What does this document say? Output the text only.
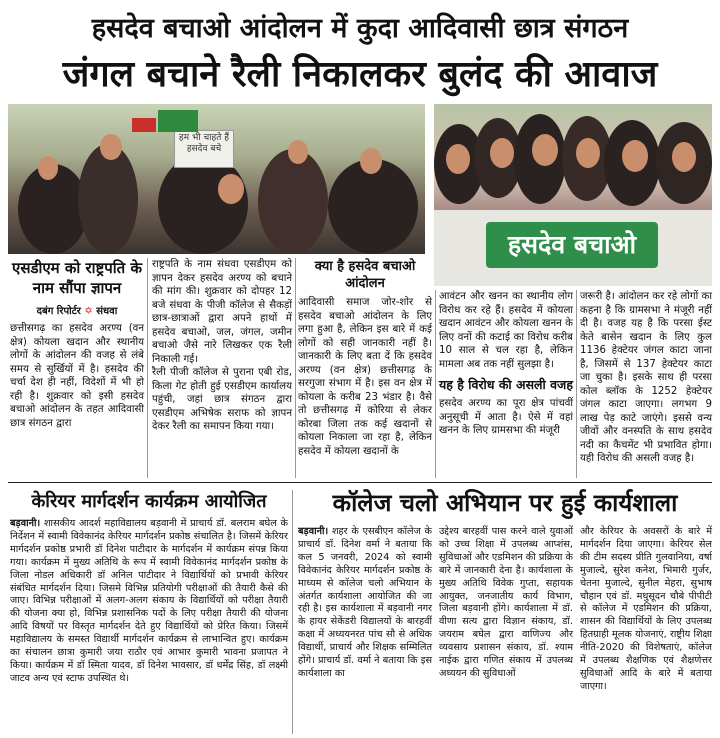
हसदेव बचाओ आंदोलन में कुदा आदिवासी छात्र संगठन
जंगल बचाने रैली निकालकर बुलंद की आवाज
हम भी चाहते हैं हसदेव बचे
हसदेव बचाओ
एसडीएम को राष्ट्रपति के नाम सौंपा ज्ञापन
दबंग रिपोर्टर ✡ संधवा

छत्तीसगढ़ का हसदेव अरण्य (वन क्षेत्र) कोयला खदान और स्थानीय लोगों के आंदोलन की वजह से लंबे समय से सुर्खियों में है। हसदेव की चर्चा देश ही नहीं, विदेशों में भी हो रही है। शुक्रवार को इसी हसदेव बचाओ आंदोलन के तहत आदिवासी छात्र संगठन द्वारा

राष्ट्रपति के नाम संधवा एसडीएम को ज्ञापन देकर हसदेव अरण्य को बचाने की मांग की। शुक्रवार को दोपहर 12 बजे संधवा के पीजी कॉलेज से सैकड़ों छात्र-छात्राओं द्वारा अपने हाथों में हसदेव बचाओ, जल, जंगल, जमीन बचाओ जैसे नारे लिखकर एक रैली निकाली गई।

रैली पीजी कॉलेज से पुराना एबी रोड, किला गेट होती हुई एसडीएम कार्यालय पहुंची, जहां छात्र संगठन द्वारा एसडीएम अभिषेक सराफ को ज्ञापन देकर रैली का समापन किया गया।

क्या है हसदेव बचाओ आंदोलन

आदिवासी समाज जोर-शोर से हसदेव बचाओ आंदोलन के लिए लगा हुआ है, लेकिन इस बारे में कई लोगों को सही जानकारी नहीं है। जानकारी के लिए बता दें कि हसदेव अरण्य (वन क्षेत्र) छत्तीसगढ़ के सरगुजा संभाग में है। इस वन क्षेत्र में कोयला के करीब 23 भंडार है। वैसे तो छत्तीसगढ़ में कोरिया से लेकर कोरबा जिला तक कई खदानों से कोयला निकाला जा रहा है, लेकिन हसदेव में कोयला खदानों के

आवंटन और खनन का स्थानीय लोग विरोध कर रहे हैं। हसदेव में कोयला खदान आवंटन और कोयला खनन के लिए वनों की कटाई का विरोध करीब 10 साल से चल रहा है, लेकिन मामला अब तक नहीं सुलझा है।

यह है विरोध की असली वजह

हसदेव अरण्य का पूरा क्षेत्र पांचवीं अनुसूची में आता है। ऐसे में वहां खनन के लिए ग्रामसभा की मंजूरी

जरूरी है। आंदोलन कर रहे लोगों का कहना है कि ग्रामसभा ने मंजूरी नहीं दी है। वजह यह है कि परसा ईस्ट केते बासेन खदान के लिए कुल 1136 हेक्टेयर जंगल काटा जाना है, जिसमें से 137 हेक्टेयर काटा जा चुका है। इसके साथ ही परसा कोल ब्लॉक के 1252 हेक्टेयर जंगल काटा जाएगा। लगभग 9 लाख पेड़ काटे जाएंगे। इससे वन्य जीवों और वनस्पति के साथ हसदेव नदी का कैचमेंट भी प्रभावित होगा। यही विरोध की असली वजह है।

केरियर मार्गदर्शन कार्यक्रम आयोजित

बड़वानी। शासकीय आदर्श महाविद्यालय बड़वानी में प्राचार्य डॉ. बलराम बघेल के निर्देशन में स्वामी विवेकानंद केरियर मार्गदर्शन प्रकोष्ठ संचालित है। जिसमें केरियर मार्गदर्शन प्रकोष्ठ प्रभारी डॉ दिनेश पाटीदार के मार्गदर्शन में कार्यक्रम संपन्न किया गया। कार्यक्रम में मुख्य अतिथि के रूप में स्वामी विवेकानंद मार्गदर्शन प्रकोष्ठ के जिला नोडल अधिकारी डॉ अनिल पाटीदार ने विद्यार्थियों को प्रभावी केरियर संबंधित मार्गदर्शन दिया। जिसमे विभिन्न प्रतियोगी परीक्षाओं की तैयारी कैसे की जाए। विभिन्न परीक्षाओं में अलग-अलग संकाय के विद्यार्थियों को परीक्षा तैयारी की योजना क्या हो, विभिन्न प्रशासनिक पदों के लिए परीक्षा तैयारी की योजना आदि विषयों पर विस्तृत मार्गदर्शन देते हुए विद्यार्थियों को प्रेरित किया। जिसमें महाविद्यालय के समस्त विद्यार्थी मार्गदर्शन कार्यक्रम से लाभान्वित हुए। कार्यक्रम का संचालन छात्रा कुमारी जया राठौर एवं आभार कुमारी भावना प्रजापत ने किया। कार्यक्रम में डॉ स्मिता यादव, डॉ दिनेश भावसार, डॉ धर्मेंद्र सिंह, डॉ लक्ष्मी जाटव अन्य एवं स्टाफ उपस्थित थे।

कॉलेज चलो अभियान पर हुई कार्यशाला

बड़वानी। शहर के एसबीएन कॉलेज के प्राचार्य डॉ. दिनेश वर्मा ने बताया कि कल 5 जनवरी, 2024 को स्वामी विवेकानंद केरियर मार्गदर्शन प्रकोष्ठ के माध्यम से कॉलेज चलो अभियान के अंतर्गत कार्यशाला आयोजित की जा रही है। इस कार्यशाला में बड़वानी नगर के हायर सेकेंडरी विद्यालयों के बारहवीं कक्षा में अध्ययनरत पांच सौ से अधिक विद्यार्थी, प्राचार्य और शिक्षक सम्मिलित होंगे। प्राचार्य डॉ. वर्मा ने बताया कि इस कार्यशाला का

उद्देश्य बारहवीं पास करने वाले युवाओं को उच्च शिक्षा में उपलब्ध आप्शंस, सुविधाओं और एडमिशन की प्रक्रिया के बारे में जानकारी देना है। कार्यशाला के मुख्य अतिथि विवेक गुप्ता, सहायक आयुक्त, जनजातीय कार्य विभाग, जिला बड़वानी होंगे। कार्यशाला में डॉ. वीणा सत्य द्वारा विज्ञान संकाय, डॉ. जयराम बघेल द्वारा वाणिज्य और व्यवसाय प्रशासन संकाय, डॉ. श्याम नाईक द्वारा गणित संकाय में उपलब्ध अध्ययन की सुविधाओं

और केरियर के अवसरों के बारे में मार्गदर्शन दिया जाएगा। केरियर सेल की टीम सदस्य प्रीति गुलवानिया, वर्षा मुजाल्दे, सुरेश कनेश, भिमारी गुर्जर, चेतना मुजाल्दे, सुनील मेहरा, सुभाष चौहान एवं डॉ. मधुसूदन चौबे पीपीटी से कॉलेज में एडमिशन की प्रक्रिया, शासन की विद्यार्थियों के लिए उपलब्ध हितग्राही मूलक योजनाएं, राष्ट्रीय शिक्षा नीति-2020 की विशेषताएं, कॉलेज में उपलब्ध शैक्षणिक एवं शैक्षणेत्तर सुविधाओं आदि के बारे में बताया जाएगा।
